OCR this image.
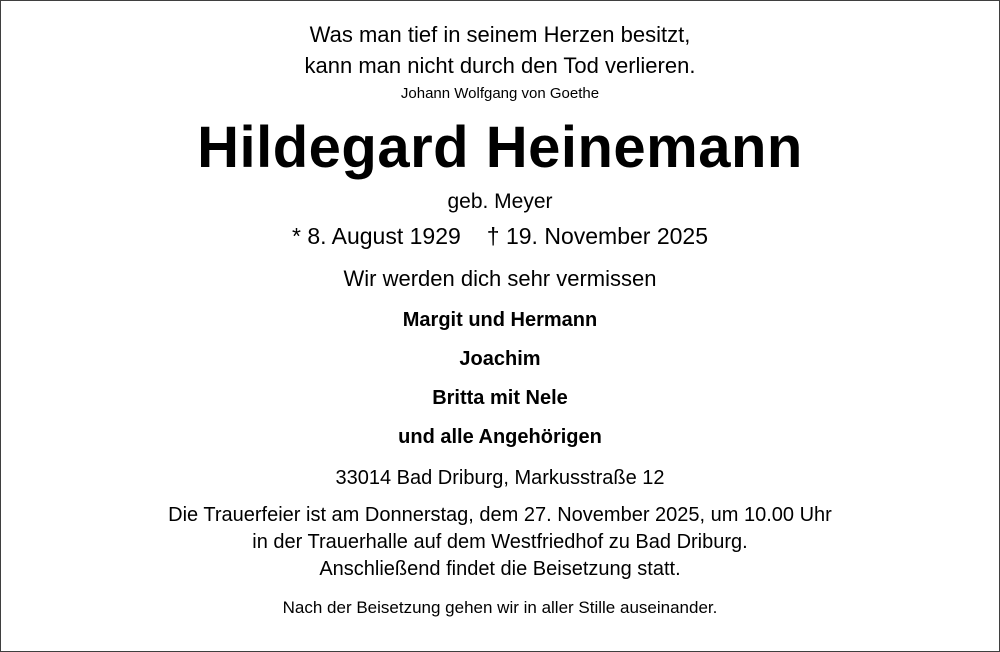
Was man tief in seinem Herzen besitzt,
kann man nicht durch den Tod verlieren.
Johann Wolfgang von Goethe
Hildegard Heinemann
geb. Meyer
* 8. August 1929 † 19. November 2025
Wir werden dich sehr vermissen
Margit und Hermann
Joachim
Britta mit Nele
und alle Angehörigen
33014 Bad Driburg, Markusstraße 12
Die Trauerfeier ist am Donnerstag, dem 27. November 2025, um 10.00 Uhr
in der Trauerhalle auf dem Westfriedhof zu Bad Driburg.
Anschließend findet die Beisetzung statt.
Nach der Beisetzung gehen wir in aller Stille auseinander.
